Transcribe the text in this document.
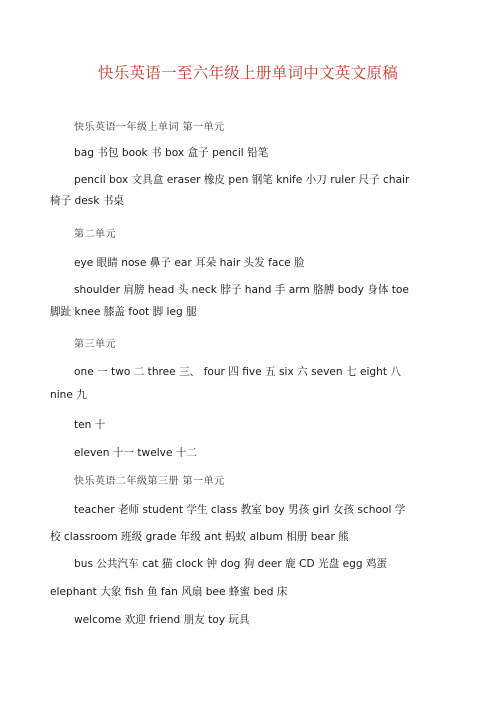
快乐英语一至六年级上册单词中文英文原稿
快乐英语一年级上单词 第一单元
bag 书包 book 书 box 盒子 pencil 铅笔
pencil box 文具盒 eraser 橡皮 pen 钢笔 knife 小刀 ruler 尺子 chair
椅子 desk 书桌
第二单元
eye 眼睛 nose 鼻子 ear 耳朵 hair 头发 face 脸
shoulder 肩膀 head 头 neck 脖子 hand 手 arm 胳膊 body 身体 toe
脚趾 knee 膝盖 foot 脚 leg 腿
第三单元
one 一 two 二 three 三、 four 四 five 五 six 六 seven 七 eight 八
nine 九
ten 十
eleven 十一 twelve 十二
快乐英语二年级第三册 第一单元
teacher 老师 student 学生 class 教室 boy 男孩 girl 女孩 school 学
校 classroom 班级 grade 年级 ant 蚂蚁 album 相册 bear 熊
bus 公共汽车 cat 猫 clock 钟 dog 狗 deer 鹿 CD 光盘 egg 鸡蛋
elephant 大象 fish 鱼 fan 风扇 bee 蜂蜜 bed 床
welcome 欢迎 friend 朋友 toy 玩具
